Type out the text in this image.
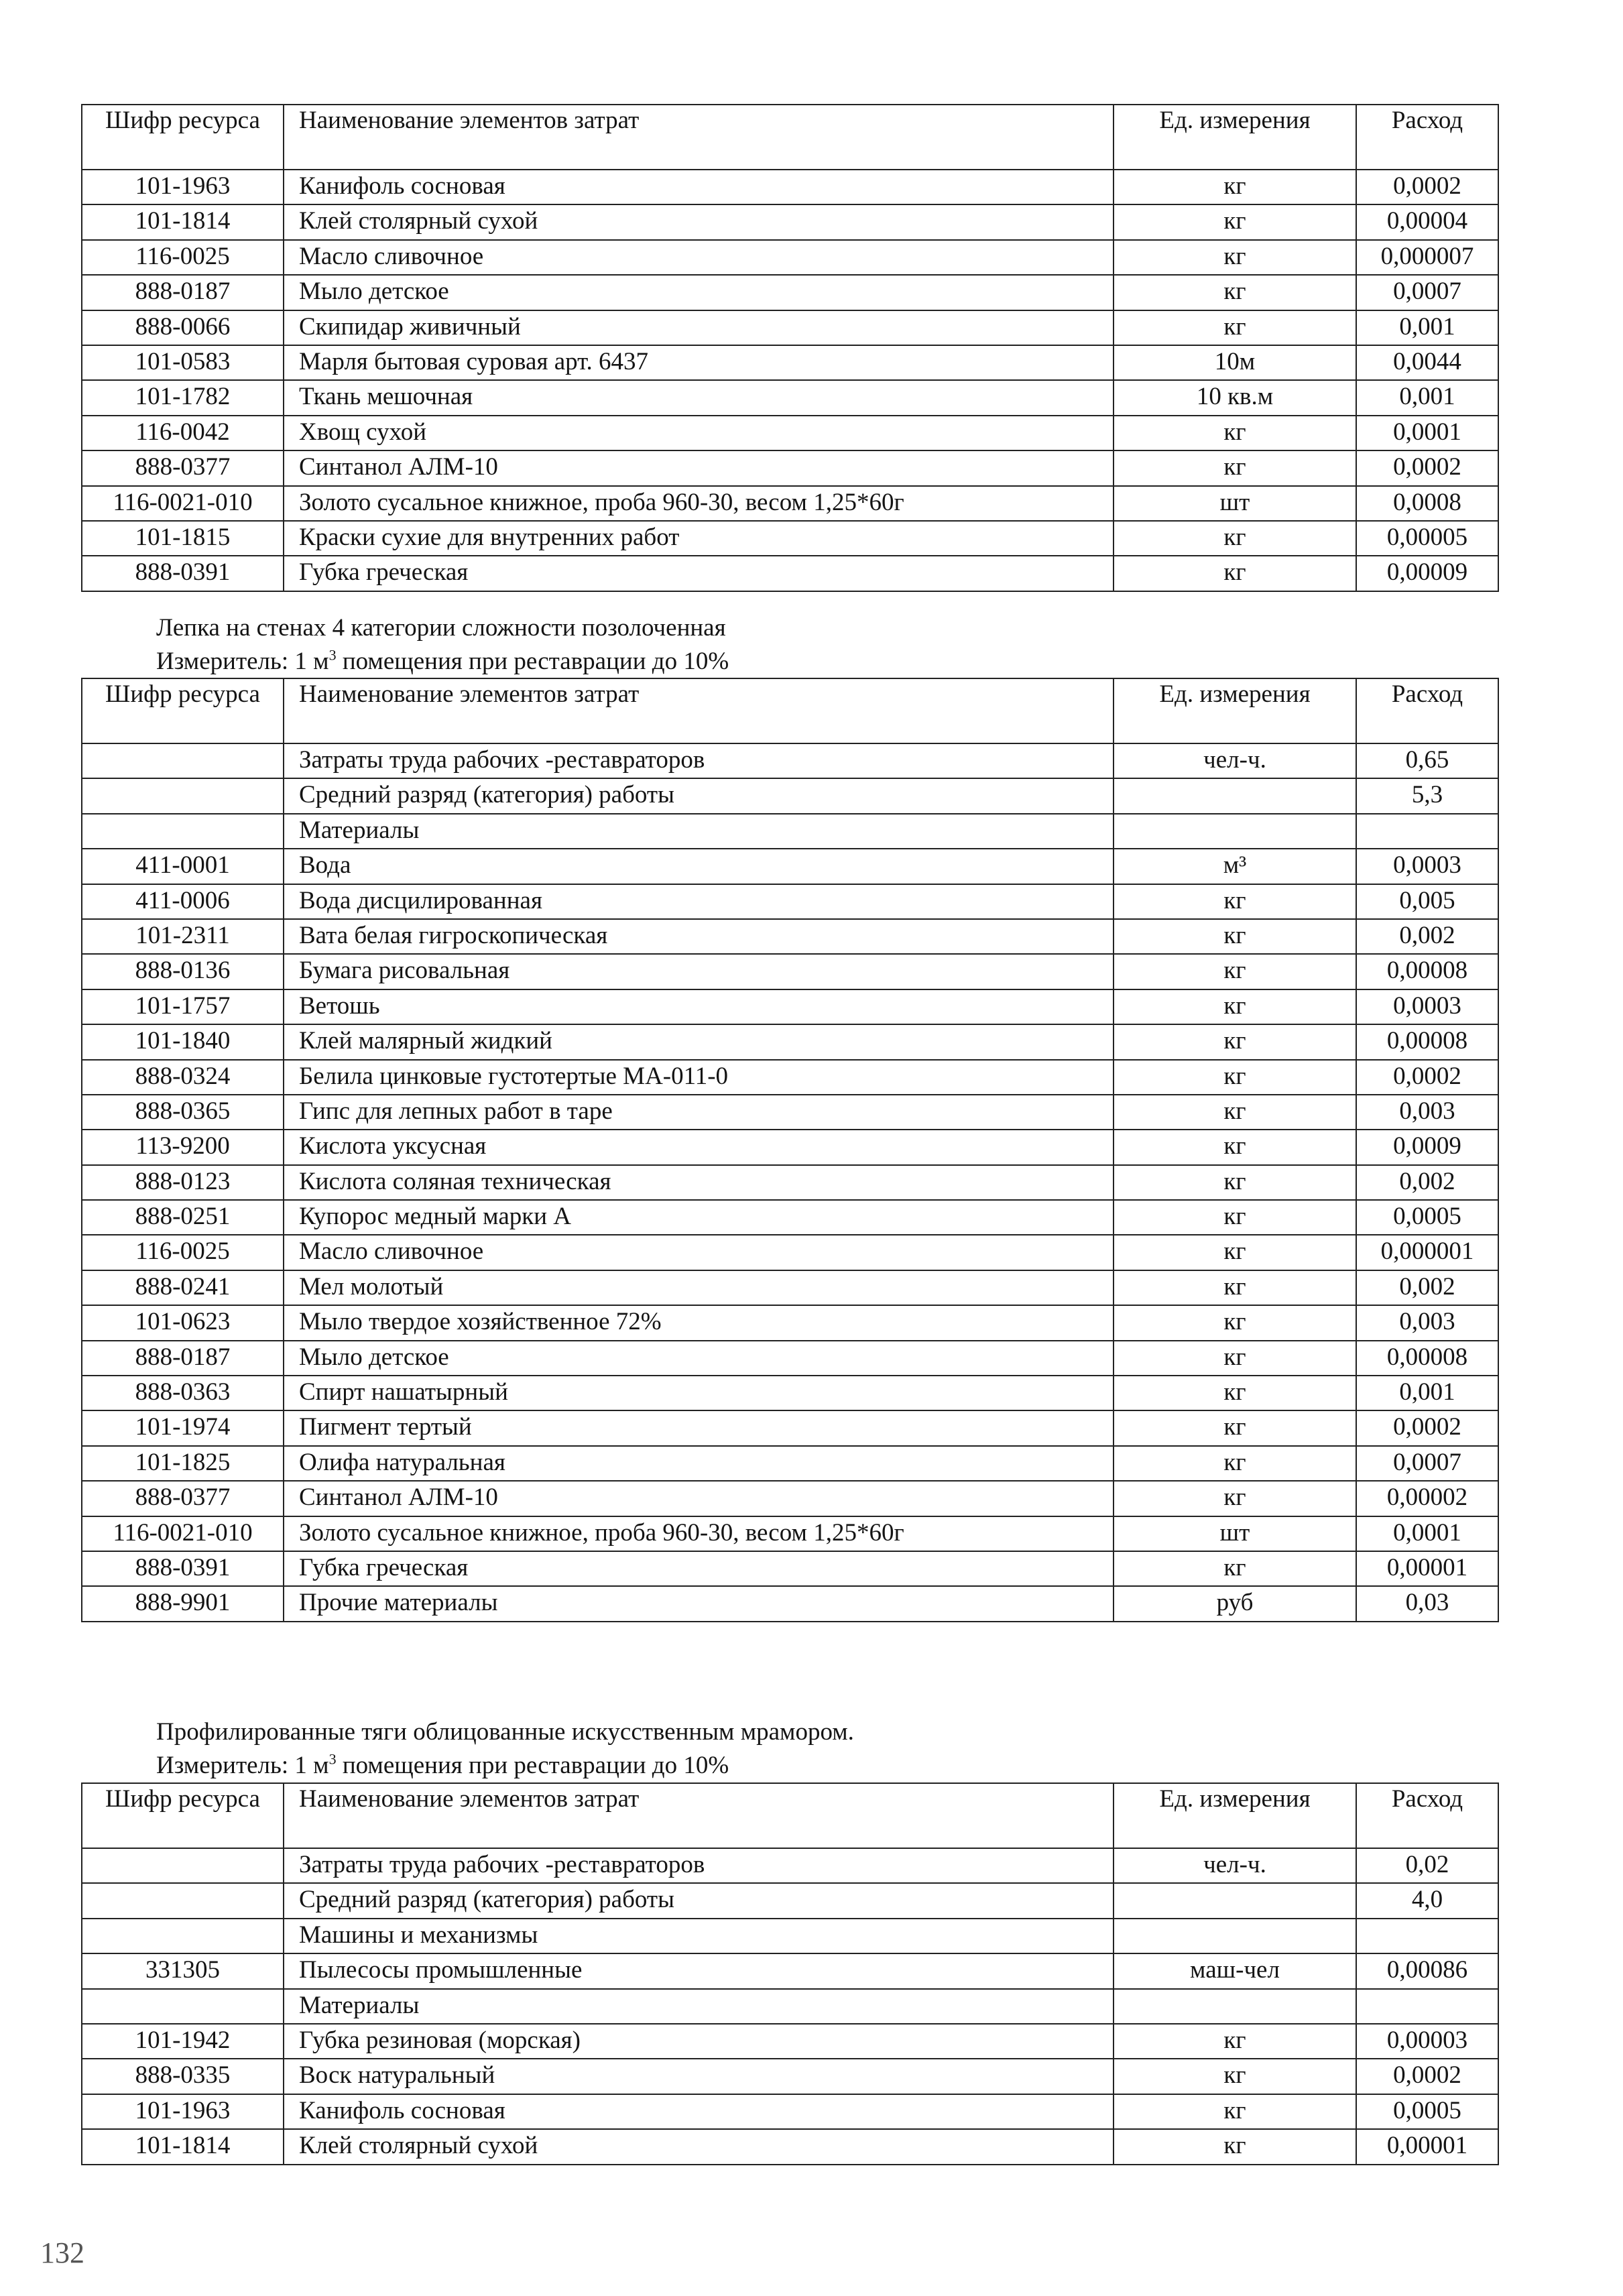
Шифр ресурса	Наименование элементов затрат	Ед. измерения	Расход
101-1963	Канифоль сосновая	кг	0,0002
101-1814	Клей столярный сухой	кг	0,00004
116-0025	Масло сливочное	кг	0,000007
888-0187	Мыло детское	кг	0,0007
888-0066	Скипидар живичный	кг	0,001
101-0583	Марля бытовая суровая арт. 6437	10м	0,0044
101-1782	Ткань мешочная	10 кв.м	0,001
116-0042	Хвощ сухой	кг	0,0001
888-0377	Синтанол АЛМ-10	кг	0,0002
116-0021-010	Золото сусальное книжное, проба 960-30, весом 1,25*60г	шт	0,0008
101-1815	Краски сухие для внутренних работ	кг	0,00005
888-0391	Губка греческая	кг	0,00009
Лепка на стенах 4 категории сложности позолоченная
Измеритель: 1 $м^3$ помещения при реставрации до 10%
Шифр ресурса	Наименование элементов затрат	Ед. измерения	Расход
	Затраты труда рабочих -реставраторов	чел-ч.	0,65
	Средний разряд (категория) работы		5,3
	Материалы		
411-0001	Вода	м³	0,0003
411-0006	Вода дисцилированная	кг	0,005
101-2311	Вата белая гигроскопическая	кг	0,002
888-0136	Бумага рисовальная	кг	0,00008
101-1757	Ветошь	кг	0,0003
101-1840	Клей малярный жидкий	кг	0,00008
888-0324	Белила цинковые густотертые МА-011-0	кг	0,0002
888-0365	Гипс для лепных работ в таре	кг	0,003
113-9200	Кислота уксусная	кг	0,0009
888-0123	Кислота соляная техническая	кг	0,002
888-0251	Купорос медный марки А	кг	0,0005
116-0025	Масло сливочное	кг	0,000001
888-0241	Мел молотый	кг	0,002
101-0623	Мыло твердое хозяйственное 72%	кг	0,003
888-0187	Мыло детское	кг	0,00008
888-0363	Спирт нашатырный	кг	0,001
101-1974	Пигмент тертый	кг	0,0002
101-1825	Олифа натуральная	кг	0,0007
888-0377	Синтанол АЛМ-10	кг	0,00002
116-0021-010	Золото сусальное книжное, проба 960-30, весом 1,25*60г	шт	0,0001
888-0391	Губка греческая	кг	0,00001
888-9901	Прочие материалы	руб	0,03
Профилированные тяги облицованные искусственным мрамором.
Измеритель: 1 $м^3$ помещения при реставрации до 10%
Шифр ресурса	Наименование элементов затрат	Ед. измерения	Расход
	Затраты труда рабочих -реставраторов	чел-ч.	0,02
	Средний разряд (категория) работы		4,0
	Машины и механизмы		
331305	Пылесосы промышленные	маш-чел	0,00086
	Материалы		
101-1942	Губка резиновая (морская)	кг	0,00003
888-0335	Воск натуральный	кг	0,0002
101-1963	Канифоль сосновая	кг	0,0005
101-1814	Клей столярный сухой	кг	0,00001
132
